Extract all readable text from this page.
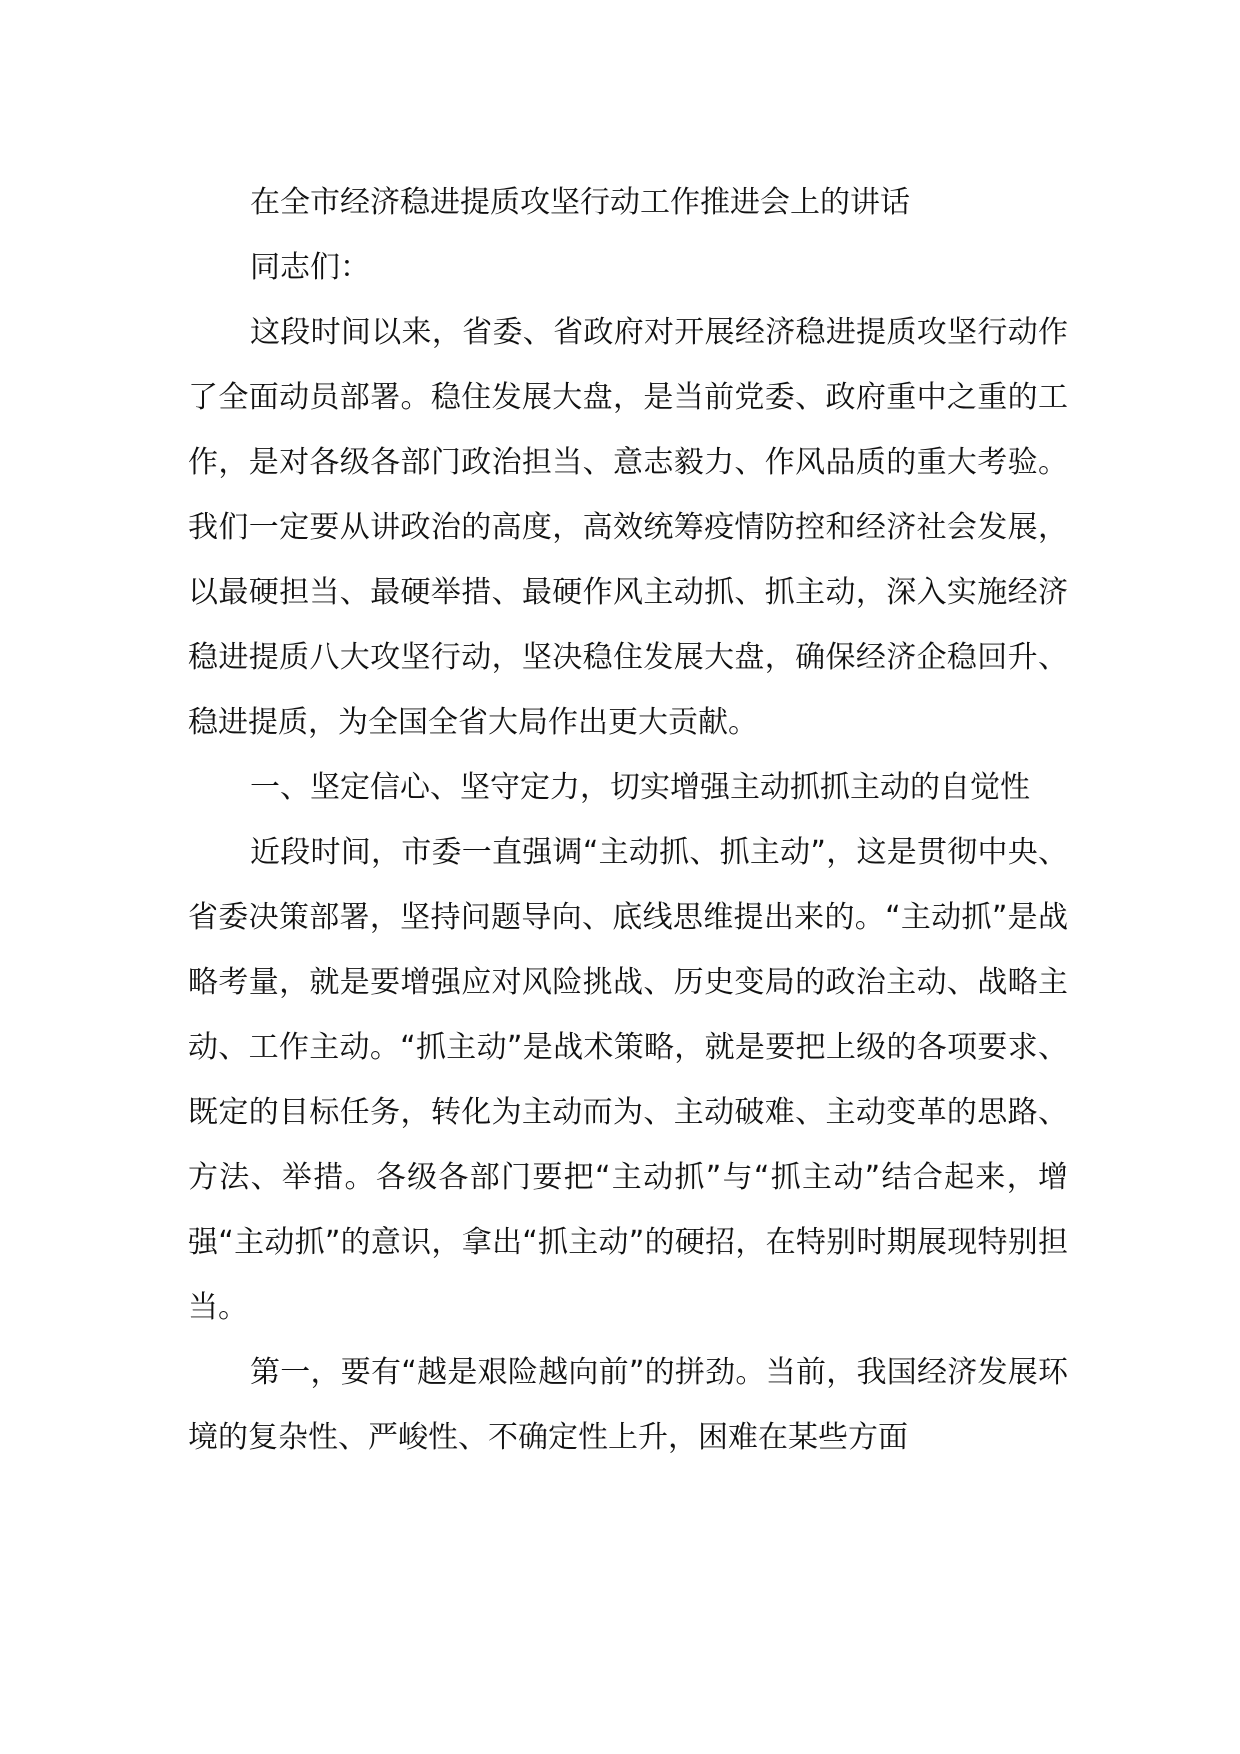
在全市经济稳进提质攻坚行动工作推进会上的讲话

同志们：

这段时间以来，省委、省政府对开展经济稳进提质攻坚行动作了全面动员部署。稳住发展大盘，是当前党委、政府重中之重的工作，是对各级各部门政治担当、意志毅力、作风品质的重大考验。我们一定要从讲政治的高度，高效统筹疫情防控和经济社会发展，以最硬担当、最硬举措、最硬作风主动抓、抓主动，深入实施经济稳进提质八大攻坚行动，坚决稳住发展大盘，确保经济企稳回升、稳进提质，为全国全省大局作出更大贡献。

一、坚定信心、坚守定力，切实增强主动抓抓主动的自觉性

近段时间，市委一直强调“主动抓、抓主动”，这是贯彻中央、省委决策部署，坚持问题导向、底线思维提出来的。“主动抓”是战略考量，就是要增强应对风险挑战、历史变局的政治主动、战略主动、工作主动。“抓主动”是战术策略，就是要把上级的各项要求、既定的目标任务，转化为主动而为、主动破难、主动变革的思路、方法、举措。各级各部门要把“主动抓”与“抓主动”结合起来，增强“主动抓”的意识，拿出“抓主动”的硬招，在特别时期展现特别担当。

第一，要有“越是艰险越向前”的拼劲。当前，我国经济发展环境的复杂性、严峻性、不确定性上升，困难在某些方面
